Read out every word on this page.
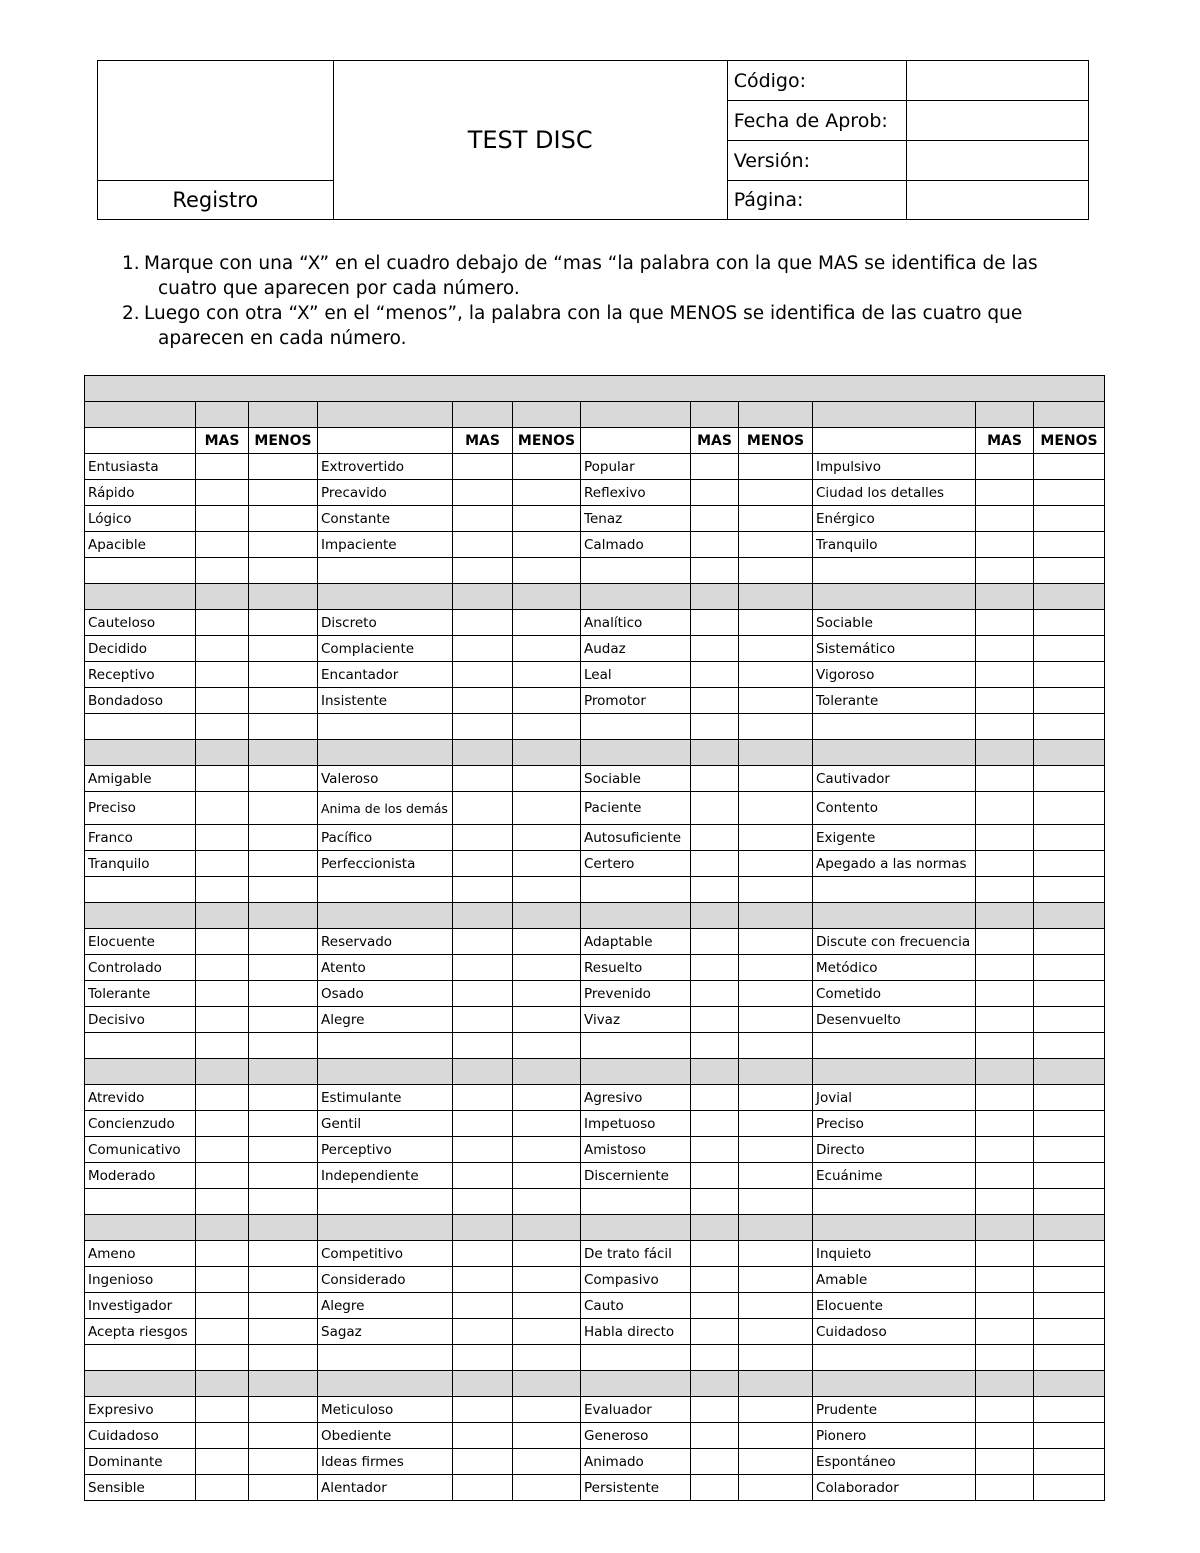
	TEST DISC	Código:	
		Fecha de Aprob:	
		Versión:	
Registro		Página:	
1. Marque con una “X” en el cuadro debajo de “mas “la palabra con la que MAS se identifica de las
cuatro que aparecen por cada número.
2. Luego con otra “X” en el “menos”, la palabra con la que MENOS se identifica de las cuatro que
aparecen en cada número.

	MAS	MENOS		MAS	MENOS		MAS	MENOS		MAS	MENOS
Entusiasta			Extrovertido			Popular			Impulsivo		
Rápido			Precavido			Reflexivo			Ciudad los detalles		
Lógico			Constante			Tenaz			Enérgico		
Apacible			Impaciente			Calmado			Tranquilo		

Cauteloso			Discreto			Analítico			Sociable		
Decidido			Complaciente			Audaz			Sistemático		
Receptivo			Encantador			Leal			Vigoroso		
Bondadoso			Insistente			Promotor			Tolerante		

Amigable			Valeroso			Sociable			Cautivador		
Preciso			Anima de los demás			Paciente			Contento		
Franco			Pacífico			Autosuficiente			Exigente		
Tranquilo			Perfeccionista			Certero			Apegado a las normas		

Elocuente			Reservado			Adaptable			Discute con frecuencia		
Controlado			Atento			Resuelto			Metódico		
Tolerante			Osado			Prevenido			Cometido		
Decisivo			Alegre			Vivaz			Desenvuelto		

Atrevido			Estimulante			Agresivo			Jovial		
Concienzudo			Gentil			Impetuoso			Preciso		
Comunicativo			Perceptivo			Amistoso			Directo		
Moderado			Independiente			Discerniente			Ecuánime		

Ameno			Competitivo			De trato fácil			Inquieto		
Ingenioso			Considerado			Compasivo			Amable		
Investigador			Alegre			Cauto			Elocuente		
Acepta riesgos			Sagaz			Habla directo			Cuidadoso		

Expresivo			Meticuloso			Evaluador			Prudente		
Cuidadoso			Obediente			Generoso			Pionero		
Dominante			Ideas firmes			Animado			Espontáneo		
Sensible			Alentador			Persistente			Colaborador		
